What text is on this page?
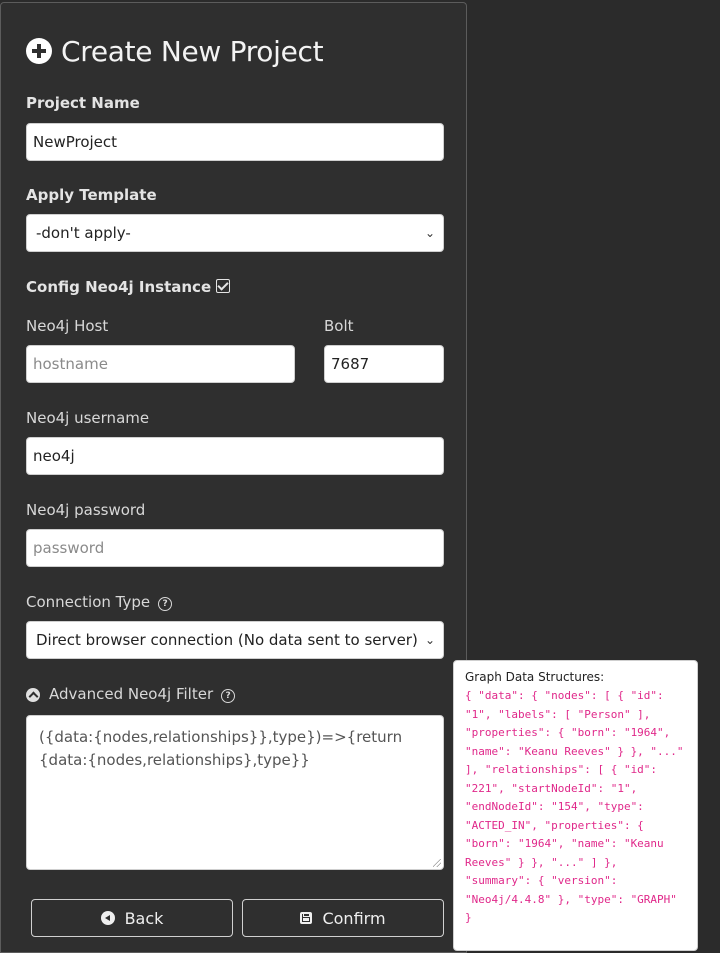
Create New Project
Project Name
NewProject
Apply Template
-don't apply-	⌄
Config Neo4j Instance
Neo4j Host	Bolt
hostname	7687
Neo4j username
neo4j
Neo4j password
password
Connection Type ?
Direct browser connection (No data sent to server) ⌄
Advanced Neo4j Filter ?
({data:{nodes,relationships}},type})=>{return {data:{nodes,relationships},type}}
Back	Confirm
Graph Data Structures:
{ "data": { "nodes": [ { "id": "1", "labels": [ "Person" ], "properties": { "born": "1964", "name": "Keanu Reeves" } }, "..." ], "relationships": [ { "id": "221", "startNodeId": "1", "endNodeId": "154", "type": "ACTED_IN", "properties": { "born": "1964", "name": "Keanu Reeves" } }, "..." ] }, "summary": { "version": "Neo4j/4.4.8" }, "type": "GRAPH" }
